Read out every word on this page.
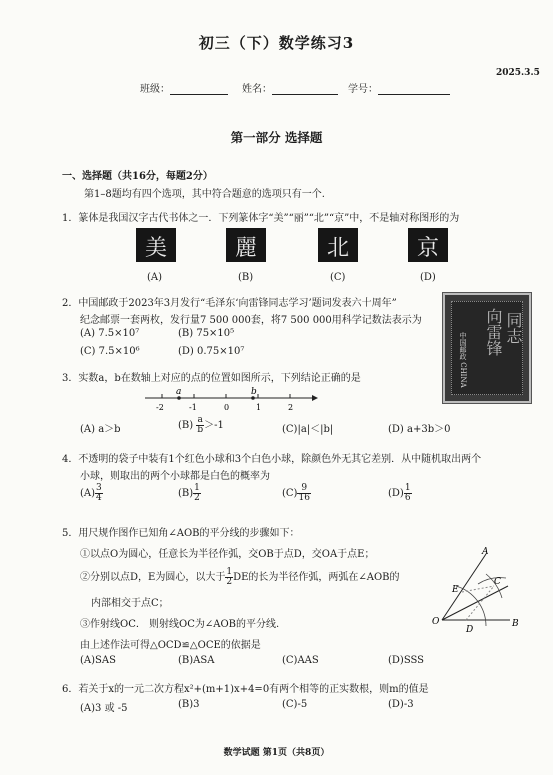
初三（下）数学练习3
2025.3.5
班级：	姓名：	学号：
第一部分 选择题
一、选择题（共16分，每题2分）
第1–8题均有四个选项，其中符合题意的选项只有一个.
1．篆体是我国汉字古代书体之一．下列篆体字“美”“丽”“北”“京”中，不是轴对称图形的为
美	麗	北	京
(A)	(B)	(C)	(D)
2．中国邮政于2023年3月发行“毛泽东‘向雷锋同志学习’题词发表六十周年”
纪念邮票一套两枚，发行量7 500 000套，将7 500 000用科学记数法表示为
(A) 7.5×10⁷	(B) 75×10⁵
(C) 7.5×10⁶	(D) 0.75×10⁷	向雷锋 同志
中国邮政 CHINA
3．实数a，b在数轴上对应的点的位置如图所示，下列结论正确的是
a	b
-2	-1	0	1	2
(A) a＞b	$(B) \frac{a}{b} >-1$	(C)|a|＜|b|	(D) a+3b＞0
4．不透明的袋子中装有1个红色小球和3个白色小球，除颜色外无其它差别．从中随机取出两个
小球，则取出的两个小球都是白色的概率为
$(A) \frac{3}{4}$	$(B) \frac{1}{2}$	$(C) \frac{9}{16}$	$(D) \frac{1}{6}$
5．用尺规作图作已知角∠AOB的平分线的步骤如下：
①以点O为圆心，任意长为半径作弧，交OB于点D，交OA于点E；
②分别以点D，E为圆心，以大于 $\frac{1}{2}$ DE的长为半径作弧，两弧在∠AOB的
内部相交于点C；
③作射线OC． 则射线OC为∠AOB的平分线.
由上述作法可得△OCD≌△OCE的依据是
(A)SAS	(B)ASA	(C)AAS	(D)SSS
A
B
C
D
E
O
6．若关于x的一元二次方程x²+(m+1)x+4=0有两个相等的正实数根，则m的值是
(A)3 或 -5	(B)3	(C)-5	(D)-3
数学试题 第1页（共8页）
